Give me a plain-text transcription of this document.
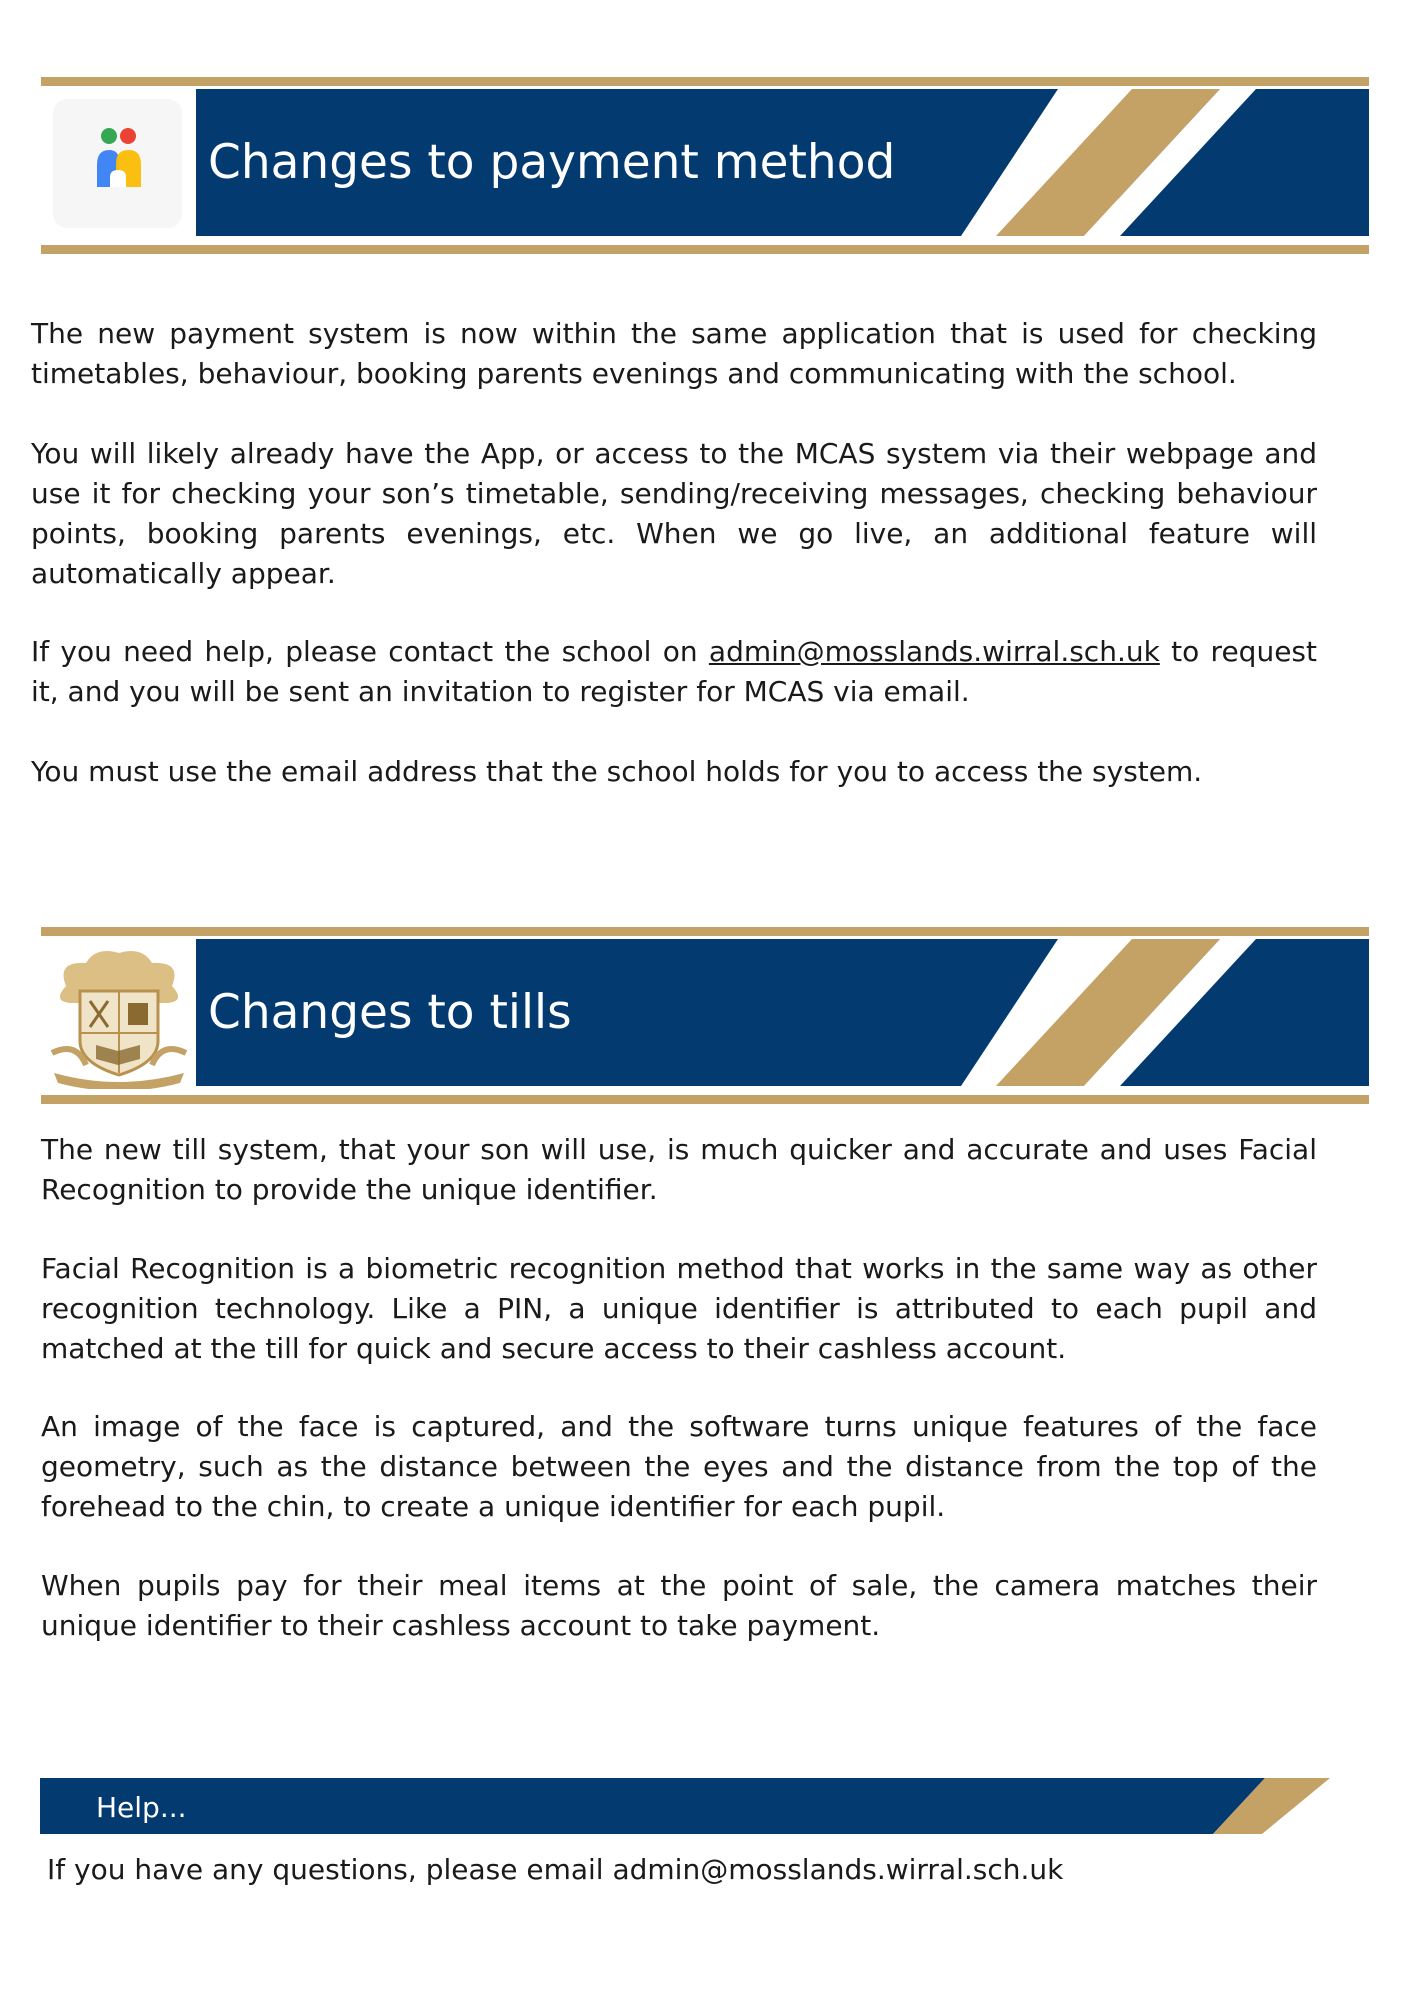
Changes to payment method

The new payment system is now within the same application that is used for checking timetables, behaviour, booking parents evenings and communicating with the school.

You will likely already have the App, or access to the MCAS system via their webpage and use it for checking your son’s timetable, sending/receiving messages, checking behaviour points, booking parents evenings, etc. When we go live, an additional feature will automatically appear.

If you need help, please contact the school on admin@mosslands.wirral.sch.uk to request it, and you will be sent an invitation to register for MCAS via email.

You must use the email address that the school holds for you to access the system.

Changes to tills

The new till system, that your son will use, is much quicker and accurate and uses Facial Recognition to provide the unique identifier.

Facial Recognition is a biometric recognition method that works in the same way as other recognition technology. Like a PIN, a unique identifier is attributed to each pupil and matched at the till for quick and secure access to their cashless account.

An image of the face is captured, and the software turns unique features of the face geometry, such as the distance between the eyes and the distance from the top of the forehead to the chin, to create a unique identifier for each pupil.

When pupils pay for their meal items at the point of sale, the camera matches their unique identifier to their cashless account to take payment.

Help...

If you have any questions, please email admin@mosslands.wirral.sch.uk
